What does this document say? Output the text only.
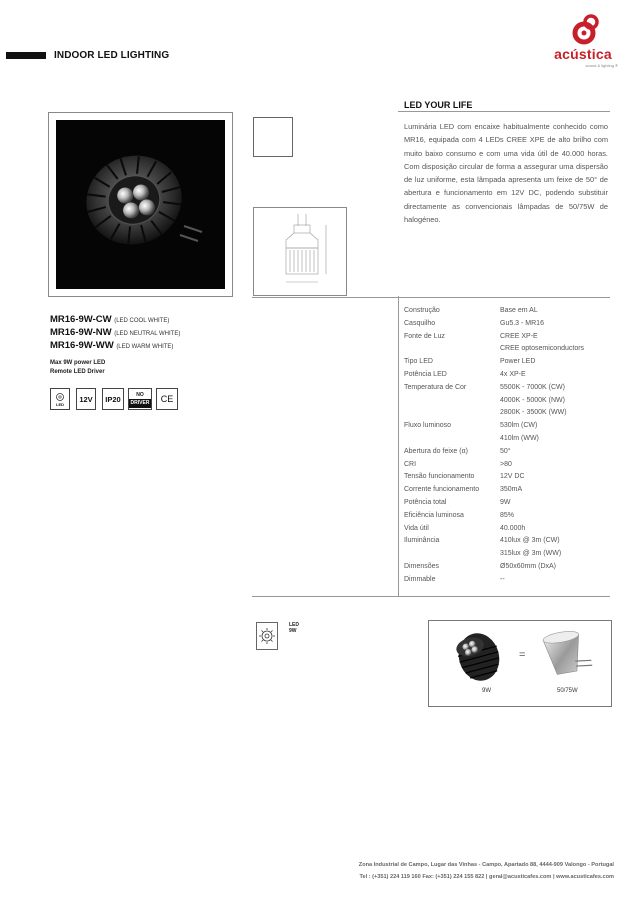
INDOOR LED LIGHTING	acústica
sound & lighting ®
LED YOUR LIFE
Luminária LED com encaixe habitualmente conhecido como MR16, equipada com 4 LEDs CREE XPE de alto brilho com muito baixo consumo e com uma vida útil de 40.000 horas. Com disposição circular de forma a assegurar uma dispersão de luz uniforme, esta lâmpada apresenta um feixe de 50° de abertura e funcionamento em 12V DC, podendo substituir directamente as convencionais lâmpadas de 50/75W de halogéneo.
MR16-9W-CW (LED COOL WHITE)
MR16-9W-NW (LED NEUTRAL WHITE)
MR16-9W-WW (LED WARM WHITE)
Max 9W power LED
Remote LED Driver
LED
12V	IP20	NO
DRIVER	CE
Construção	Base em AL
Casquilho	Gu5.3 - MR16
Fonte de Luz	CREE XP-E
CREE optosemiconductors
Tipo LED	Power LED
Potência LED	4x XP-E
Temperatura de Cor	5500K - 7000K (CW)
4000K - 5000K (NW)
2800K - 3500K (WW)
Fluxo luminoso	530lm (CW)
410lm (WW)
Abertura do feixe (α)	50°
CRI	>80
Tensão funcionamento	12V DC
Corrente funcionamento	350mA
Potência total	9W
Eficiência luminosa	85%
Vida útil	40.000h
Iluminância	410lux @ 3m (CW)
315lux @ 3m (WW)
Dimensões	Ø50x60mm (DxA)
Dimmable	--
LED
9W
=
9W	50/75W
Zona Industrial de Campo, Lugar das Vinhas - Campo, Apartado 88, 4444-909 Valongo - Portugal
Tel : (+351) 224 119 160 Fax: (+351) 224 155 822 | geral@acusticafes.com | www.acusticafes.com
